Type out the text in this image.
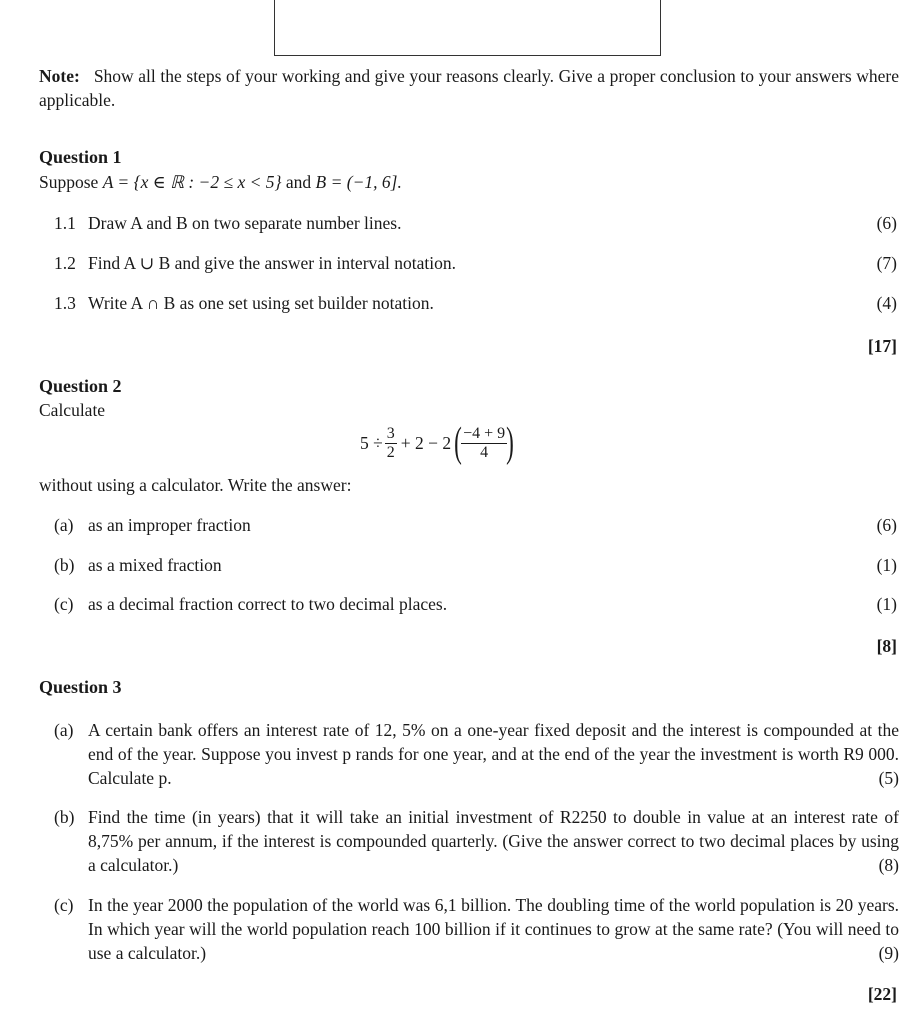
Note: Show all the steps of your working and give your reasons clearly. Give a proper conclusion to your answers where applicable.
Question 1
Suppose A = {x ∈ ℝ : −2 ≤ x < 5} and B = (−1, 6].
1.1 Draw A and B on two separate number lines.	(6)
1.2 Find A ∪ B and give the answer in interval notation.	(7)
1.3 Write A ∩ B as one set using set builder notation.	(4)
[17]
Question 2
Calculate
$5 \div \frac{3}{2} + 2 - 2$ ( $\frac{-4 + 9}{4}$ )
without using a calculator. Write the answer:
(a) as an improper fraction	(6)
(b) as a mixed fraction	(1)
(c) as a decimal fraction correct to two decimal places.	(1)
[8]
Question 3
(a) A certain bank offers an interest rate of 12, 5% on a one-year fixed deposit and the interest is compounded at the end of the year. Suppose you invest p rands for one year, and at the end of the year the investment is worth R9 000. Calculate p.	(5)
(b) Find the time (in years) that it will take an initial investment of R2250 to double in value at an interest rate of 8,75% per annum, if the interest is compounded quarterly. (Give the answer correct to two decimal places by using a calculator.)	(8)
(c) In the year 2000 the population of the world was 6,1 billion. The doubling time of the world population is 20 years. In which year will the world population reach 100 billion if it continues to grow at the same rate? (You will need to use a calculator.)	(9)
[22]
